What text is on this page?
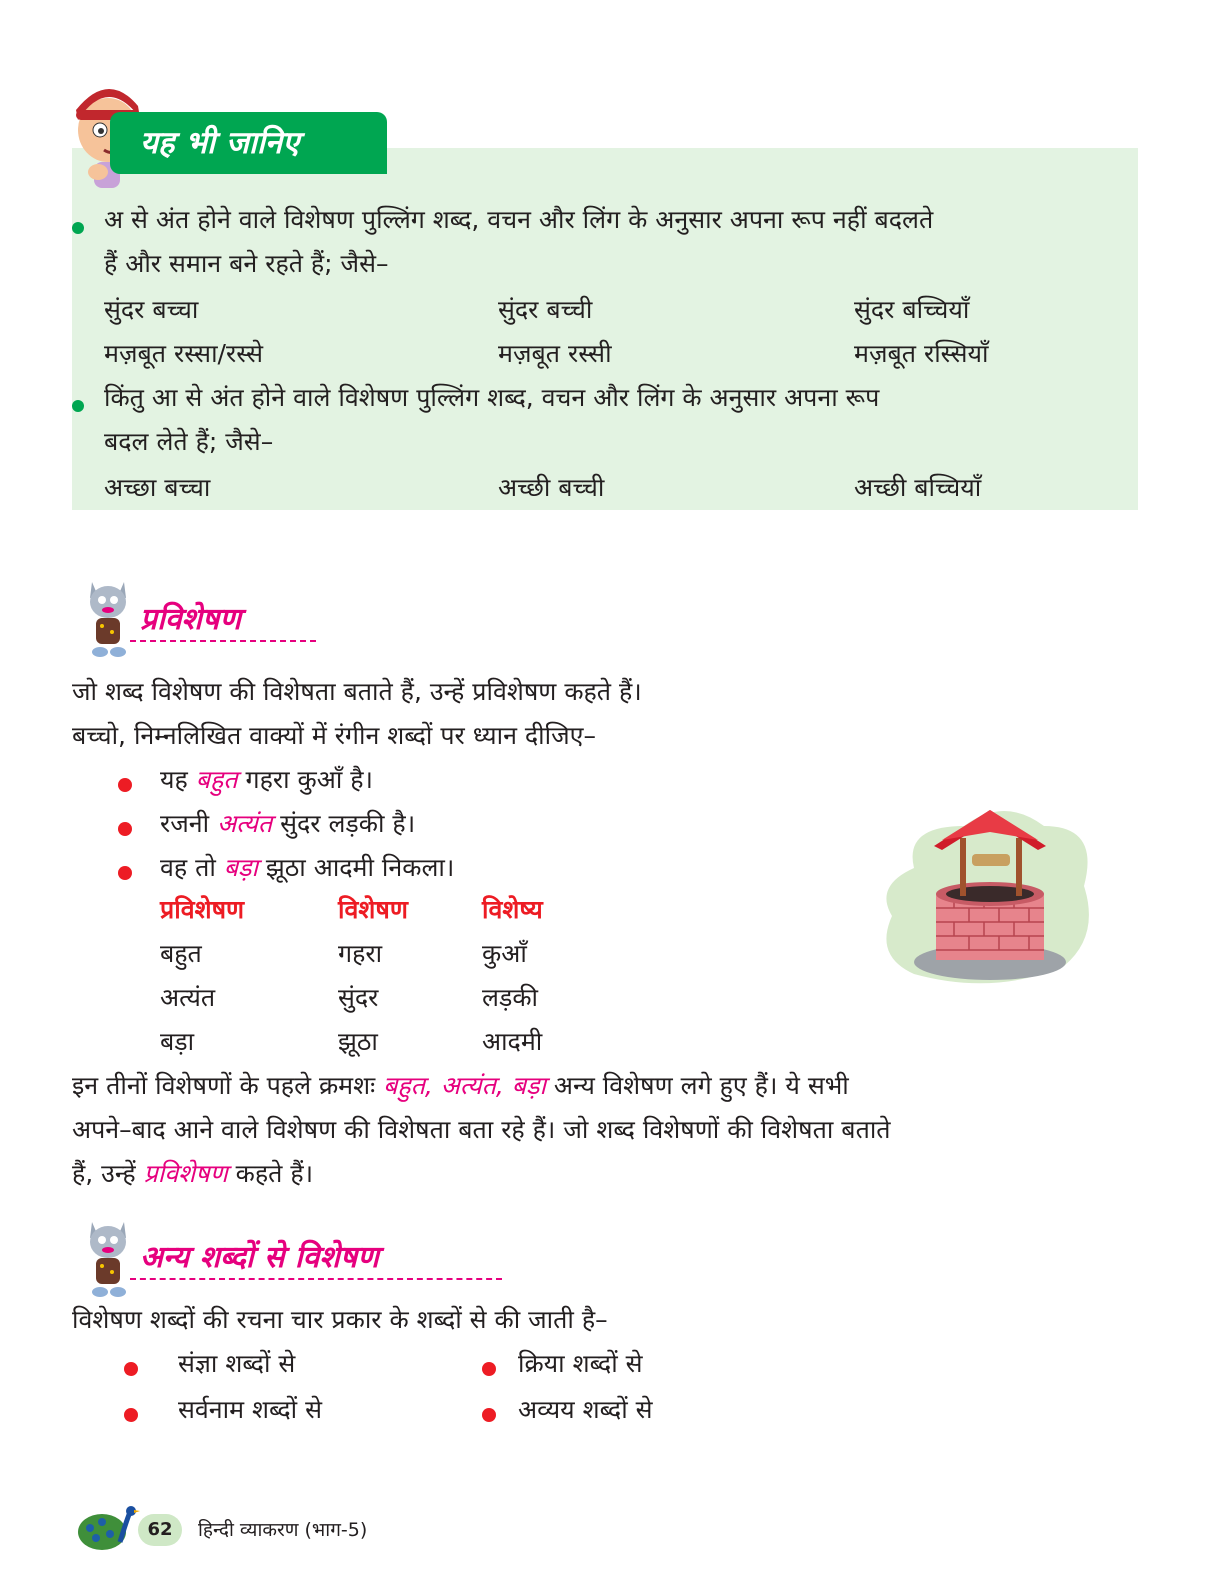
यह भी जानिए
अ से अंत होने वाले विशेषण पुल्लिंग शब्द, वचन और लिंग के अनुसार अपना रूप नहीं बदलते
हैं और समान बने रहते हैं; जैसे–
सुंदर बच्चा	सुंदर बच्ची	सुंदर बच्चियाँ
मज़बूत रस्सा/रस्से	मज़बूत रस्सी	मज़बूत रस्सियाँ
किंतु आ से अंत होने वाले विशेषण पुल्लिंग शब्द, वचन और लिंग के अनुसार अपना रूप
बदल लेते हैं; जैसे–
अच्छा बच्चा	अच्छी बच्ची	अच्छी बच्चियाँ
प्रविशेषण
जो शब्द विशेषण की विशेषता बताते हैं, उन्हें प्रविशेषण कहते हैं।
बच्चो, निम्नलिखित वाक्यों में रंगीन शब्दों पर ध्यान दीजिए–
यह बहुत गहरा कुआँ है।
रजनी अत्यंत सुंदर लड़की है।
वह तो बड़ा झूठा आदमी निकला।
प्रविशेषण	विशेषण	विशेष्य
बहुत	गहरा	कुआँ
अत्यंत	सुंदर	लड़की
बड़ा	झूठा	आदमी
इन तीनों विशेषणों के पहले क्रमशः बहुत, अत्यंत, बड़ा अन्य विशेषण लगे हुए हैं। ये सभी
अपने–बाद आने वाले विशेषण की विशेषता बता रहे हैं। जो शब्द विशेषणों की विशेषता बताते
हैं, उन्हें प्रविशेषण कहते हैं।
अन्य शब्दों से विशेषण
विशेषण शब्दों की रचना चार प्रकार के शब्दों से की जाती है–
संज्ञा शब्दों से	क्रिया शब्दों से
सर्वनाम शब्दों से	अव्यय शब्दों से
62	हिन्दी व्याकरण (भाग-5)
